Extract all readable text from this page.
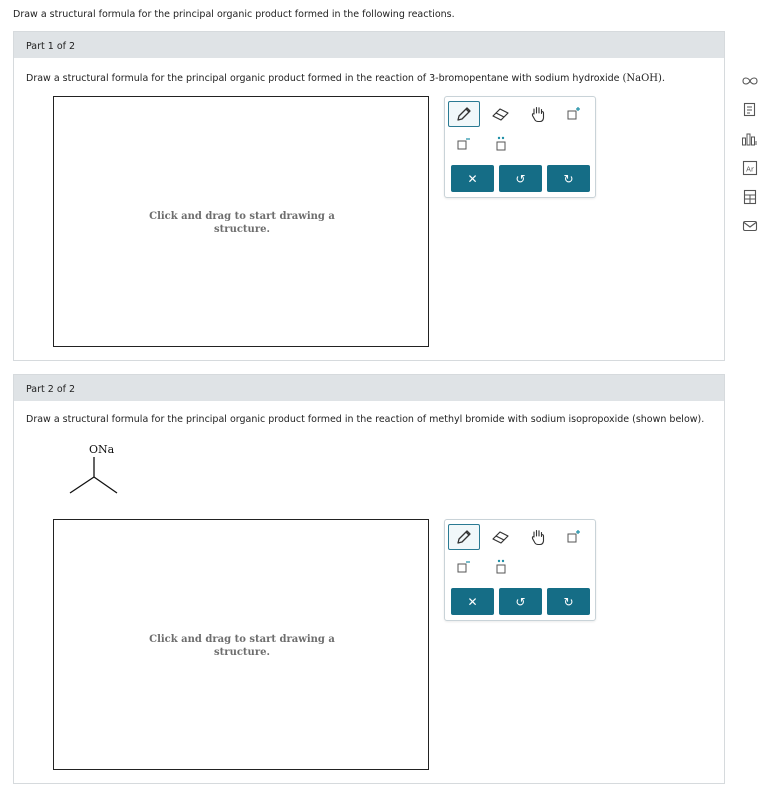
Draw a structural formula for the principal organic product formed in the following reactions.
Part 1 of 2
Draw a structural formula for the principal organic product formed in the reaction of 3-bromopentane with sodium hydroxide (NaOH).
Click and drag to start drawing a
structure.
✕	↺	↻
Part 2 of 2
Draw a structural formula for the principal organic product formed in the reaction of methyl bromide with sodium isopropoxide (shown below).
ONa
Click and drag to start drawing a
structure.
✕	↺	↻
Ar
